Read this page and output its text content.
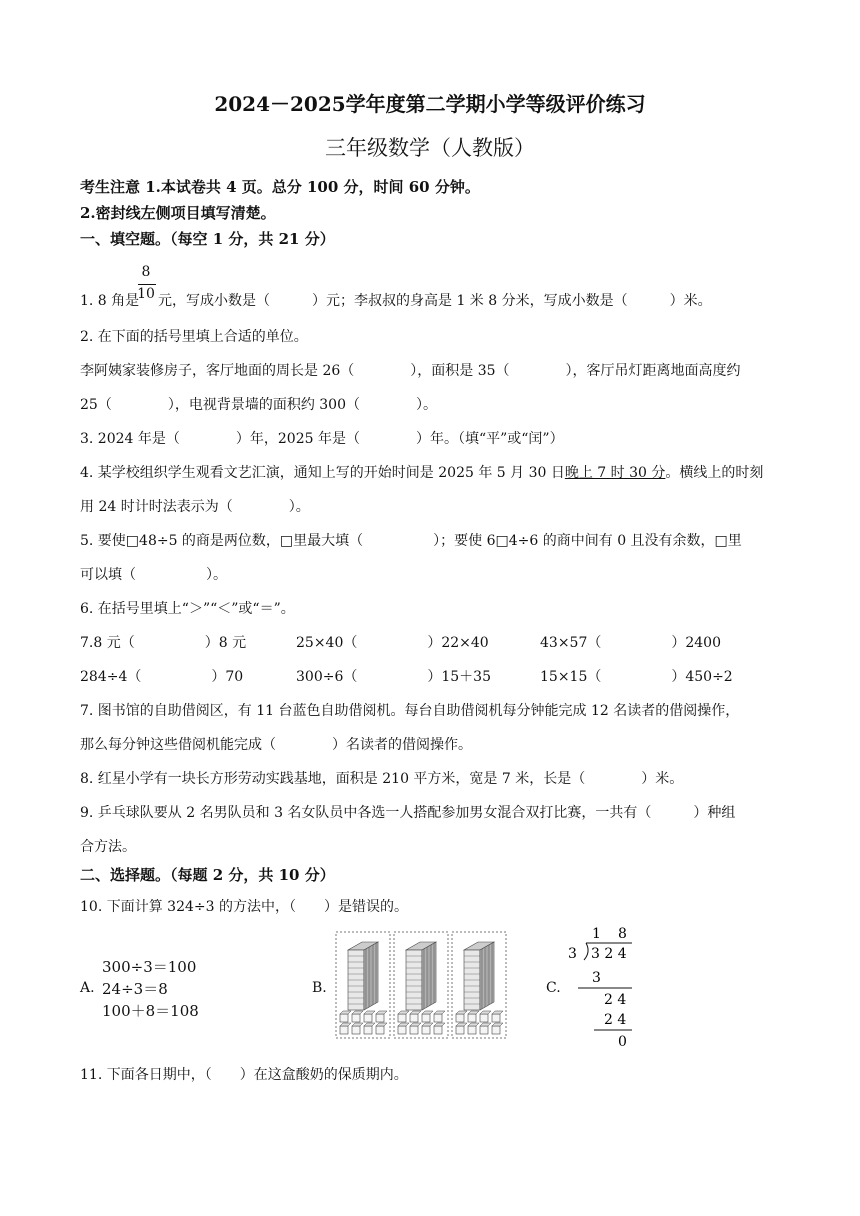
2024－2025学年度第二学期小学等级评价练习
三年级数学（人教版）
考生注意 1.本试卷共 4 页。总分 100 分，时间 60 分钟。
2.密封线左侧项目填写清楚。
一、填空题。（每空 1 分，共 21 分）
1. 8 角是
8
10 元，写成小数是（　　　）元；李叔叔的身高是 1 米 8 分米，写成小数是（　　　）米。
2. 在下面的括号里填上合适的单位。
李阿姨家装修房子，客厅地面的周长是 26（　　　　），面积是 35（　　　　），客厅吊灯距离地面高度约
25（　　　　），电视背景墙的面积约 300（　　　　）。
3. 2024 年是（　　　　）年，2025 年是（　　　　）年。（填“平”或“闰”）
4. 某学校组织学生观看文艺汇演，通知上写的开始时间是 2025 年 5 月 30 日晚上 7 时 30 分。横线上的时刻
用 24 时计时法表示为（　　　　）。
5. 要使□48÷5 的商是两位数，□里最大填（　　　　　）；要使 6□4÷6 的商中间有 0 且没有余数，□里
可以填（　　　　　）。
6. 在括号里填上“＞”“＜”或“＝”。
7.8 元（　　　　　）8 元	25×40（　　　　　）22×40	43×57（　　　　　）2400
284÷4（　　　　　）70	300÷6（　　　　　）15＋35	15×15（　　　　　）450÷2
7. 图书馆的自助借阅区，有 11 台蓝色自助借阅机。每台自助借阅机每分钟能完成 12 名读者的借阅操作，
那么每分钟这些借阅机能完成（　　　　）名读者的借阅操作。
8. 红星小学有一块长方形劳动实践基地，面积是 210 平方米，宽是 7 米，长是（　　　　）米。
9. 乒乓球队要从 2 名男队员和 3 名女队员中各选一人搭配参加男女混合双打比赛，一共有（　　　）种组
合方法。
二、选择题。（每题 2 分，共 10 分）
10. 下面计算 324÷3 的方法中，（　　）是错误的。
A.
300÷3＝100
24÷3＝8
100＋8＝108
B.	C.
1 8
3 3 2 4
3
2 4
2 4
0
11. 下面各日期中，（　　）在这盒酸奶的保质期内。
